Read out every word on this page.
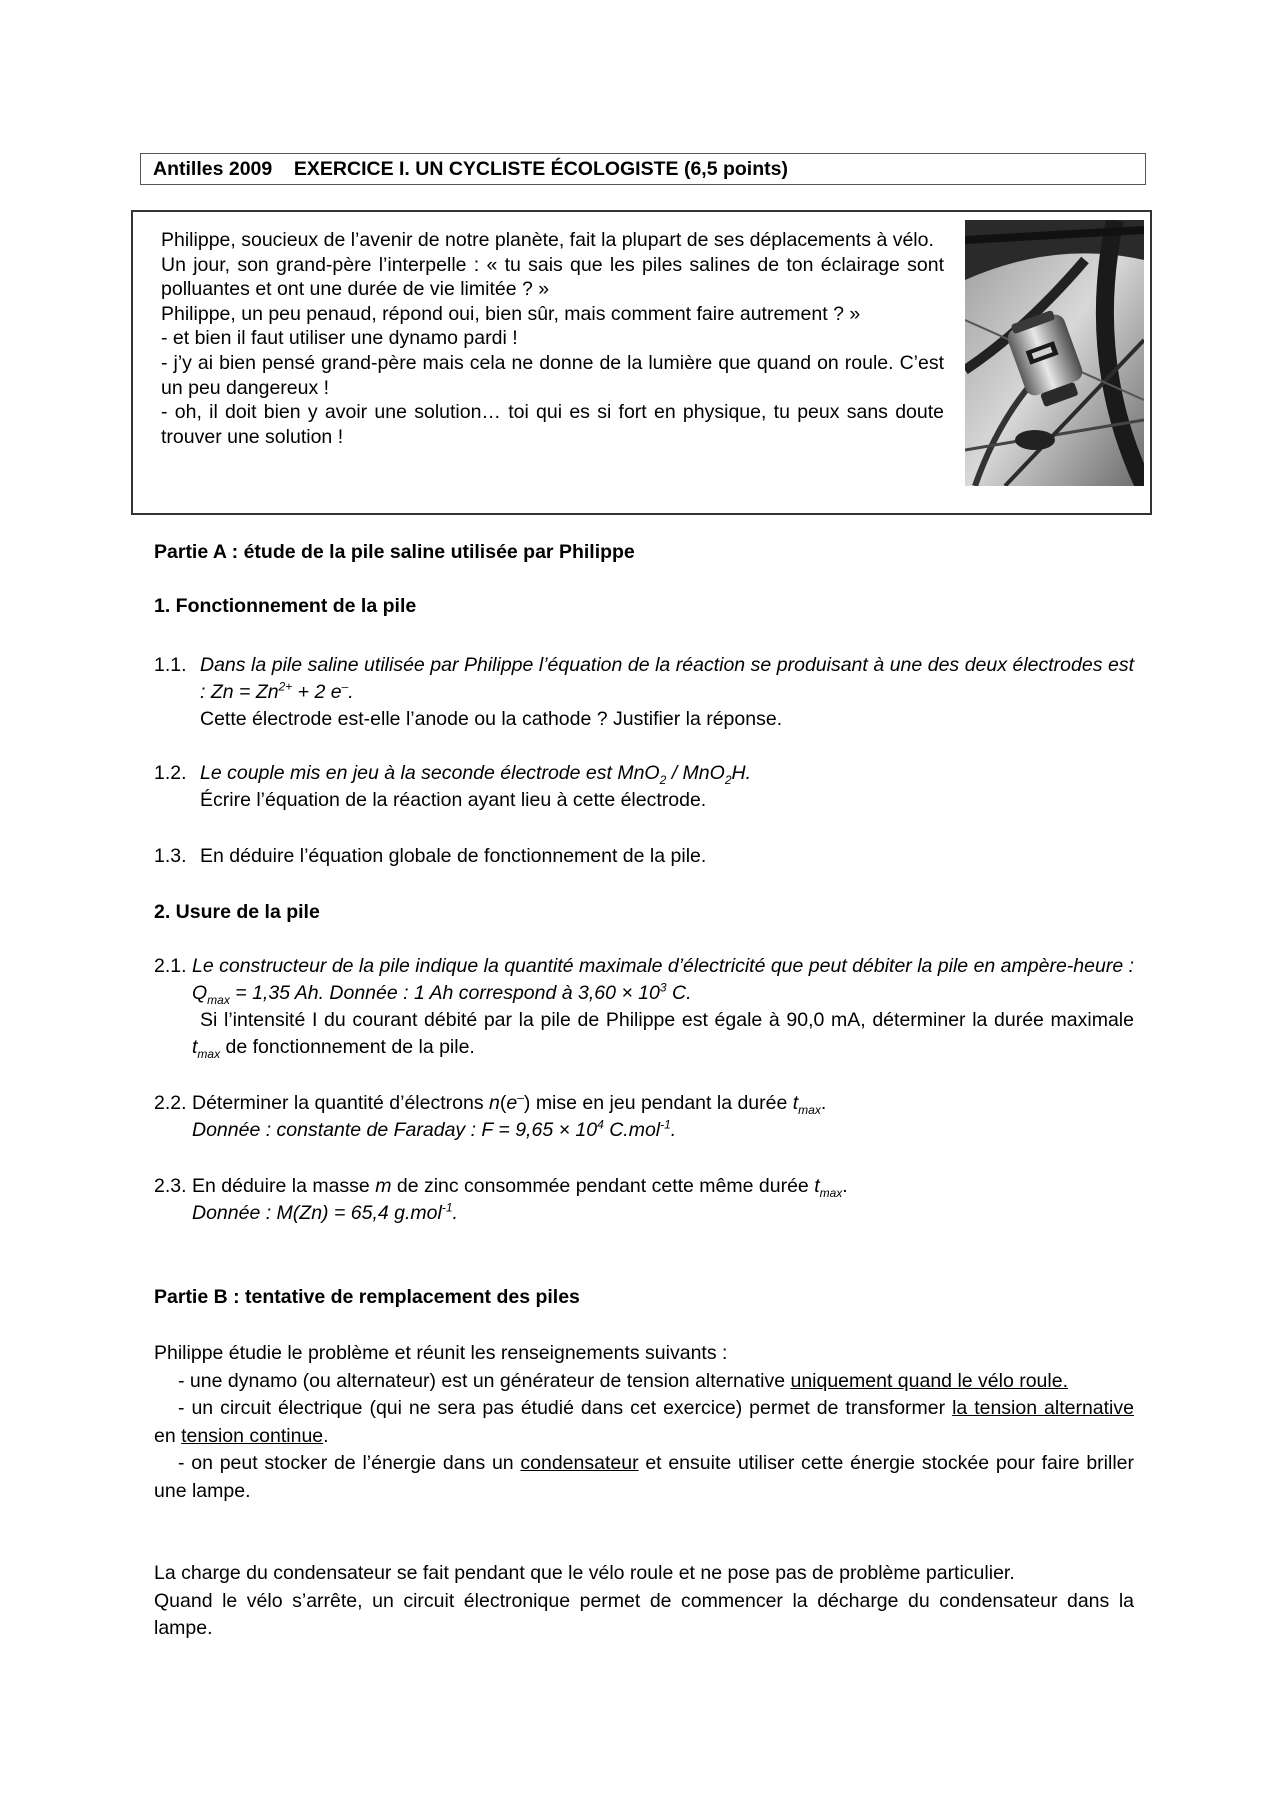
Antilles 2009    EXERCICE I. UN CYCLISTE ÉCOLOGISTE (6,5 points)

Philippe, soucieux de l’avenir de notre planète, fait la plupart de ses déplacements à vélo.

Un jour, son grand-père l’interpelle : « tu sais que les piles salines de ton éclairage sont polluantes et ont une durée de vie limitée ? »

Philippe, un peu penaud, répond oui, bien sûr, mais comment faire autrement ? »

- et bien il faut utiliser une dynamo pardi !

- j’y ai bien pensé grand-père mais cela ne donne de la lumière que quand on roule. C’est un peu dangereux !

- oh, il doit bien y avoir une solution… toi qui es si fort en physique, tu peux sans doute trouver une solution !

Partie A : étude de la pile saline utilisée par Philippe
1. Fonctionnement de la pile
1.1. Dans la pile saline utilisée par Philippe l’équation de la réaction se produisant à une des deux électrodes est : $Zn = Zn^{2+} + 2$ e–.
Cette électrode est-elle l’anode ou la cathode ? Justifier la réponse.
1.2. Le couple mis en jeu à la seconde électrode est MnO$_2$ / MnO$_2$H.
Écrire l’équation de la réaction ayant lieu à cette électrode.
1.3. En déduire l’équation globale de fonctionnement de la pile.
2. Usure de la pile
2.1. Le constructeur de la pile indique la quantité maximale d’électricité que peut débiter la pile en ampère-heure : $Q_{max} = 1,35$ Ah. Donnée : 1 Ah correspond à $3,60 \times 10^3$ C.
Si l’intensité I du courant débité par la pile de Philippe est égale à 90,0 mA, déterminer la durée maximale $t_{max}$ de fonctionnement de la pile.
2.2. Déterminer la quantité d’électrons n(e–) mise en jeu pendant la durée $t_{max}$.
Donnée : constante de Faraday : $F = 9,65 \times 10^4$ C.mol$^{-1}$.
2.3. En déduire la masse m de zinc consommée pendant cette même durée $t_{max}$.
Donnée : M(Zn) = 65,4 g.mol$^{-1}$.
Partie B : tentative de remplacement des piles

Philippe étudie le problème et réunit les renseignements suivants :

- une dynamo (ou alternateur) est un générateur de tension alternative uniquement quand le vélo roule.

- un circuit électrique (qui ne sera pas étudié dans cet exercice) permet de transformer la tension alternative en tension continue.

- on peut stocker de l’énergie dans un condensateur et ensuite utiliser cette énergie stockée pour faire briller une lampe.

La charge du condensateur se fait pendant que le vélo roule et ne pose pas de problème particulier.

Quand le vélo s’arrête, un circuit électronique permet de commencer la décharge du condensateur dans la lampe.
